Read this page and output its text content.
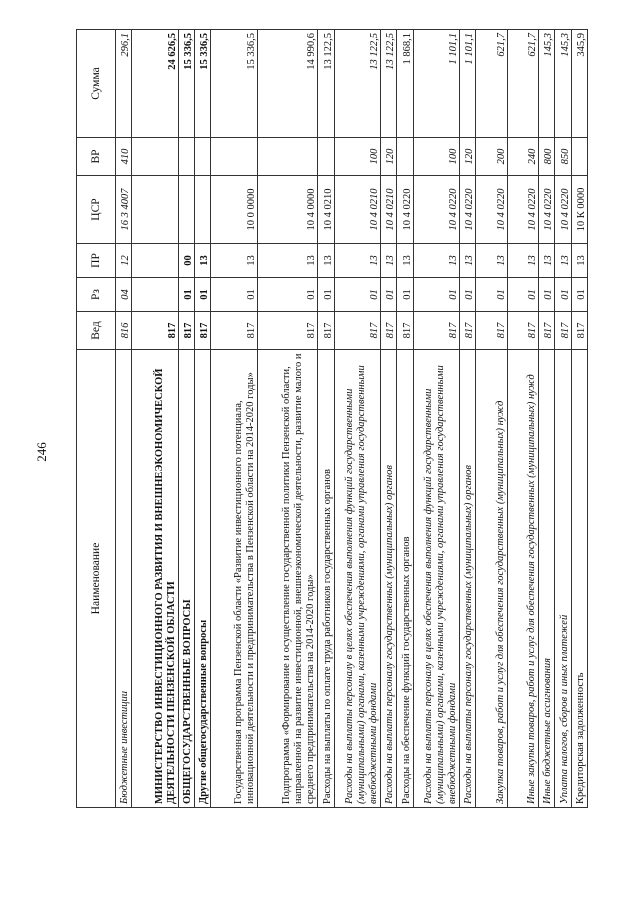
246
Наименование	Вед	Рз	ПР	ЦСР	ВР	Сумма
Бюджетные инвестиции	816	04	12	16 3 4007	410	296,1
МИНИСТЕРСТВО ИНВЕСТИЦИОННОГО РАЗВИТИЯ И ВНЕШНЕЭКОНОМИЧЕСКОЙ ДЕЯТЕЛЬНОСТИ ПЕНЗЕНСКОЙ ОБЛАСТИ	817					24 626,5
ОБЩЕГОСУДАРСТВЕННЫЕ ВОПРОСЫ	817	01	00			15 336,5
Другие общегосударственные вопросы	817	01	13			15 336,5
Государственная программа Пензенской области «Развитие инвестиционного потенциала, инновационной деятельности и предпринимательства в Пензенской области на 2014-2020 годы»	817	01	13	10 0 0000		15 336,5
Подпрограмма «Формирование и осуществление государственной политики Пензенской области, направленной на развитие инвестиционной, внешнеэкономической деятельности, развитие малого и среднего предпринимательства на 2014-2020 годы»	817	01	13	10 4 0000		14 990,6
Расходы на выплаты по оплате труда работников государственных органов	817	01	13	10 4 0210		13 122,5
Расходы на выплаты персоналу в целях обеспечения выполнения функций государственными (муниципальными) органами, казенными учреждениями, органами управления государственными внебюджетными фондами	817	01	13	10 4 0210	100	13 122,5
Расходы на выплаты персоналу государственных (муниципальных) органов	817	01	13	10 4 0210	120	13 122,5
Расходы на обеспечение функций государственных органов	817	01	13	10 4 0220		1 868,1
Расходы на выплаты персоналу в целях обеспечения выполнения функций государственными (муниципальными) органами, казенными учреждениями, органами управления государственными внебюджетными фондами	817	01	13	10 4 0220	100	1 101,1
Расходы на выплаты персоналу государственных (муниципальных) органов	817	01	13	10 4 0220	120	1 101,1
Закупка товаров, работ и услуг для обеспечения государственных (муниципальных) нужд	817	01	13	10 4 0220	200	621,7
Иные закупки товаров, работ и услуг для обеспечения государственных (муниципальных) нужд	817	01	13	10 4 0220	240	621,7
Иные бюджетные ассигнования	817	01	13	10 4 0220	800	145,3
Уплата налогов, сборов и иных платежей	817	01	13	10 4 0220	850	145,3
Кредиторская задолженность	817	01	13	10 К 0000		345,9
